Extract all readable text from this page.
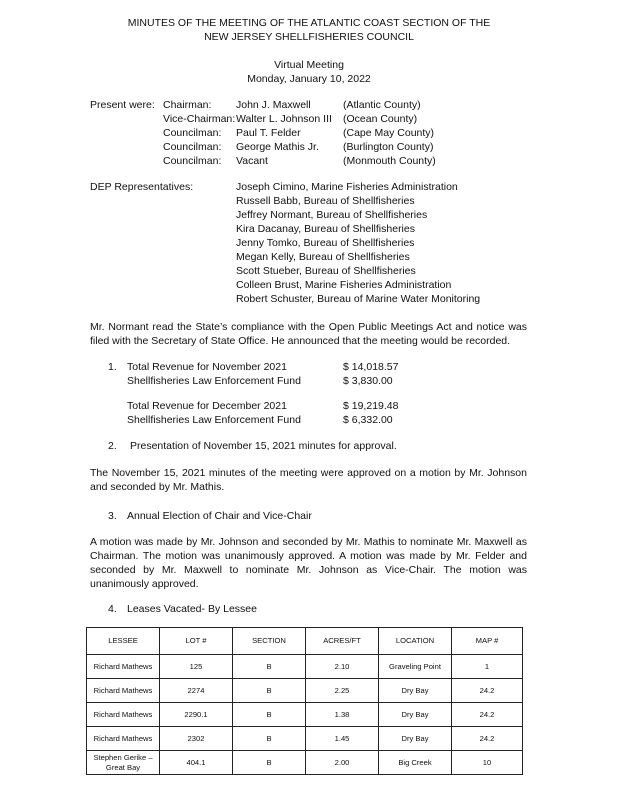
MINUTES OF THE MEETING OF THE ATLANTIC COAST SECTION OF THE
NEW JERSEY SHELLFISHERIES COUNCIL
Virtual Meeting
Monday, January 10, 2022
Present were: Chairman: John J. Maxwell	(Atlantic County)
Vice-Chairman: Walter L. Johnson III (Ocean County)
Councilman: Paul T. Felder	(Cape May County)
Councilman: George Mathis Jr. (Burlington County)
Councilman: Vacant	(Monmouth County)
DEP Representatives:	Joseph Cimino, Marine Fisheries Administration
Russell Babb, Bureau of Shellfisheries
Jeffrey Normant, Bureau of Shellfisheries
Kira Dacanay, Bureau of Shellfisheries
Jenny Tomko, Bureau of Shellfisheries
Megan Kelly, Bureau of Shellfisheries
Scott Stueber, Bureau of Shellfisheries
Colleen Brust, Marine Fisheries Administration
Robert Schuster, Bureau of Marine Water Monitoring
Mr. Normant read the State’s compliance with the Open Public Meetings Act and notice was filed with the Secretary of State Office. He announced that the meeting would be recorded.
1. Total Revenue for November 2021	$ 14,018.57
Shellfisheries Law Enforcement Fund	$ 3,830.00
Total Revenue for December 2021	$ 19,219.48
Shellfisheries Law Enforcement Fund	$ 6,332.00
2. Presentation of November 15, 2021 minutes for approval.
The November 15, 2021 minutes of the meeting were approved on a motion by Mr. Johnson and seconded by Mr. Mathis.
3. Annual Election of Chair and Vice-Chair
A motion was made by Mr. Johnson and seconded by Mr. Mathis to nominate Mr. Maxwell as Chairman. The motion was unanimously approved. A motion was made by Mr. Felder and seconded by Mr. Maxwell to nominate Mr. Johnson as Vice-Chair. The motion was unanimously approved.
4. Leases Vacated- By Lessee
LESSEE	LOT #	SECTION	ACRES/FT	LOCATION	MAP #
Richard Mathews	125	B	2.10	Graveling Point	1
Richard Mathews	2274	B	2.25	Dry Bay	24.2
Richard Mathews	2290.1	B	1.38	Dry Bay	24.2
Richard Mathews	2302	B	1.45	Dry Bay	24.2
Stephen Gerike – Great Bay	404.1	B	2.00	Big Creek	10
